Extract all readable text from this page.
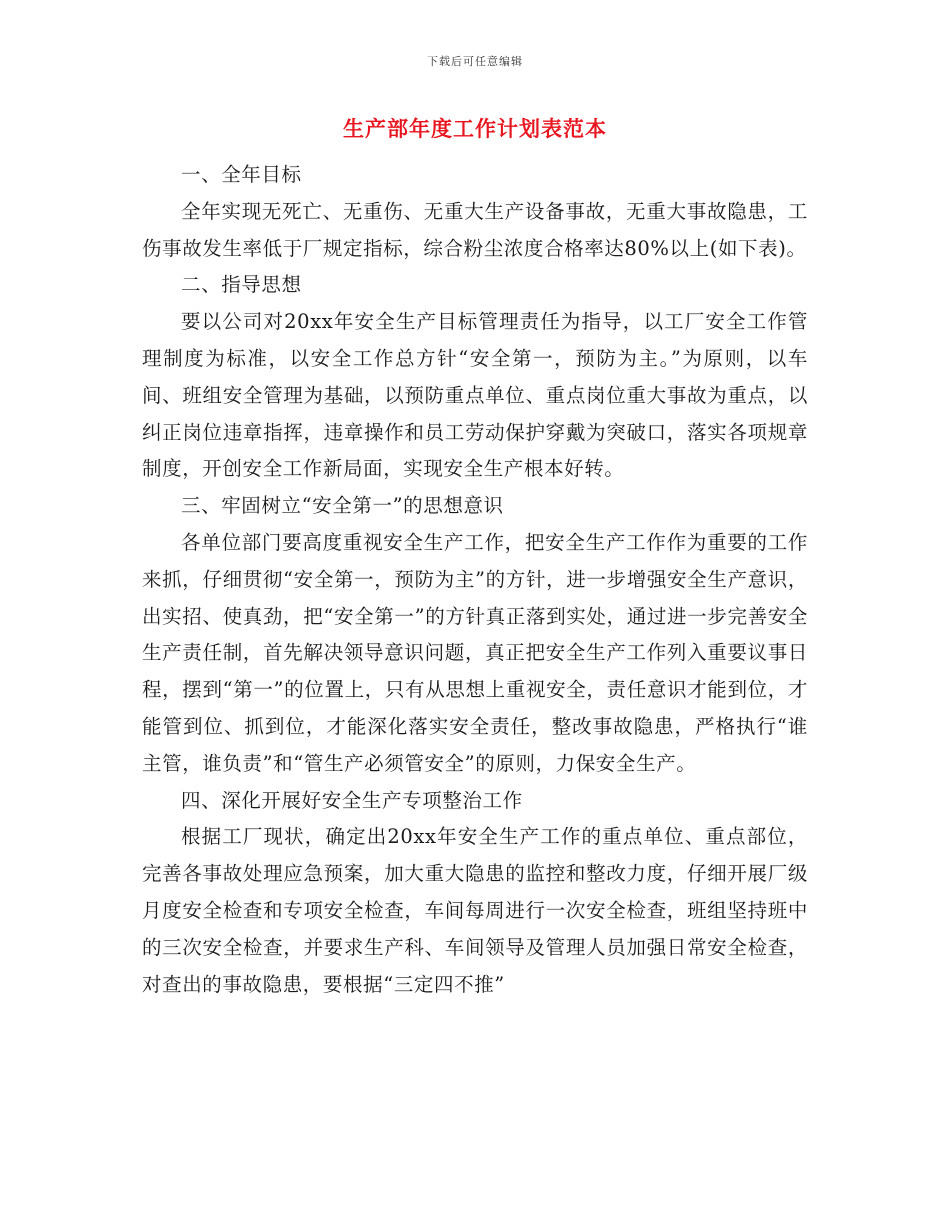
下载后可任意编辑
生产部年度工作计划表范本

一、全年目标

全年实现无死亡、无重伤、无重大生产设备事故，无重大事故隐患，工伤事故发生率低于厂规定指标，综合粉尘浓度合格率达80%以上(如下表)。

二、指导思想

要以公司对20xx年安全生产目标管理责任为指导，以工厂安全工作管理制度为标准，以安全工作总方针“安全第一，预防为主。”为原则，以车间、班组安全管理为基础，以预防重点单位、重点岗位重大事故为重点，以纠正岗位违章指挥，违章操作和员工劳动保护穿戴为突破口，落实各项规章制度，开创安全工作新局面，实现安全生产根本好转。

三、牢固树立“安全第一”的思想意识

各单位部门要高度重视安全生产工作，把安全生产工作作为重要的工作来抓，仔细贯彻“安全第一，预防为主”的方针，进一步增强安全生产意识，出实招、使真劲，把“安全第一”的方针真正落到实处，通过进一步完善安全生产责任制，首先解决领导意识问题，真正把安全生产工作列入重要议事日程，摆到“第一”的位置上，只有从思想上重视安全，责任意识才能到位，才能管到位、抓到位，才能深化落实安全责任，整改事故隐患，严格执行“谁主管，谁负责”和“管生产必须管安全”的原则，力保安全生产。

四、深化开展好安全生产专项整治工作

根据工厂现状，确定出20xx年安全生产工作的重点单位、重点部位，完善各事故处理应急预案，加大重大隐患的监控和整改力度，仔细开展厂级月度安全检查和专项安全检查，车间每周进行一次安全检查，班组坚持班中的三次安全检查，并要求生产科、车间领导及管理人员加强日常安全检查，对查出的事故隐患，要根据“三定四不推”
